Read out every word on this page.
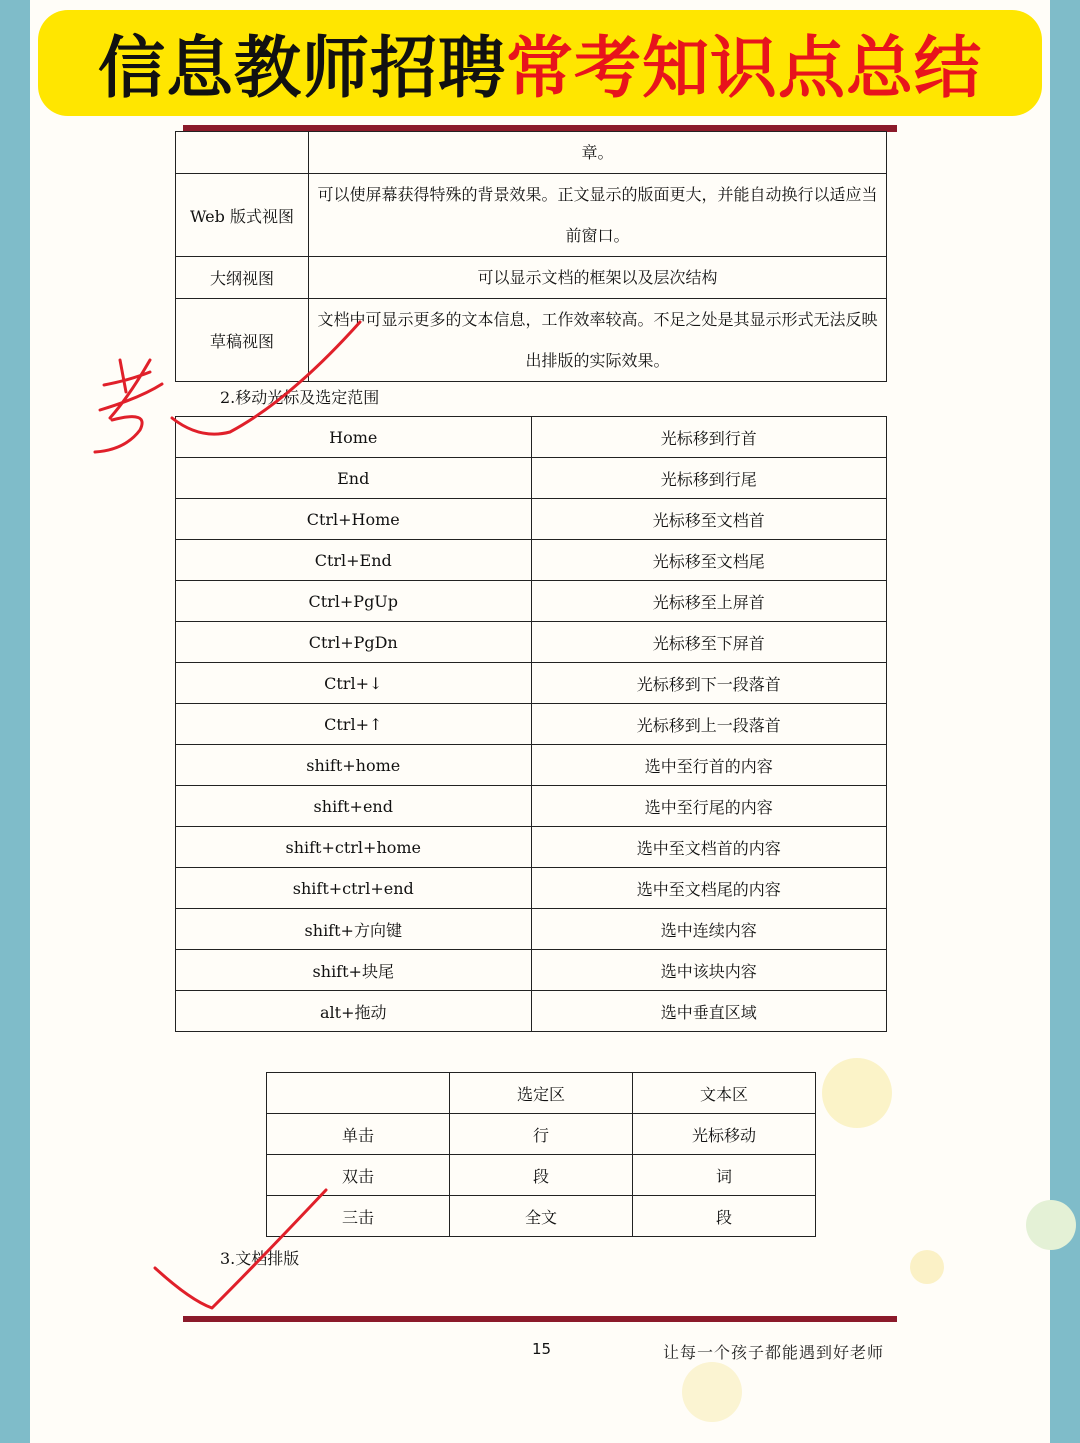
信息教师招聘 常考知识点总结
	章。
Web 版式视图	可以使屏幕获得特殊的背景效果。正文显示的版面更大，并能自动换行以适应当前窗口。
大纲视图	可以显示文档的框架以及层次结构
草稿视图	文档中可显示更多的文本信息，工作效率较高。不足之处是其显示形式无法反映出排版的实际效果。
2.移动光标及选定范围
Home	光标移到行首
End	光标移到行尾
Ctrl+Home	光标移至文档首
Ctrl+End	光标移至文档尾
Ctrl+PgUp	光标移至上屏首
Ctrl+PgDn	光标移至下屏首
Ctrl+↓	光标移到下一段落首
Ctrl+↑	光标移到上一段落首
shift+home	选中至行首的内容
shift+end	选中至行尾的内容
shift+ctrl+home	选中至文档首的内容
shift+ctrl+end	选中至文档尾的内容
shift+方向键	选中连续内容
shift+块尾	选中该块内容
alt+拖动	选中垂直区域
	选定区	文本区
单击	行	光标移动
双击	段	词
三击	全文	段
3.文档排版
15	让每一个孩子都能遇到好老师
